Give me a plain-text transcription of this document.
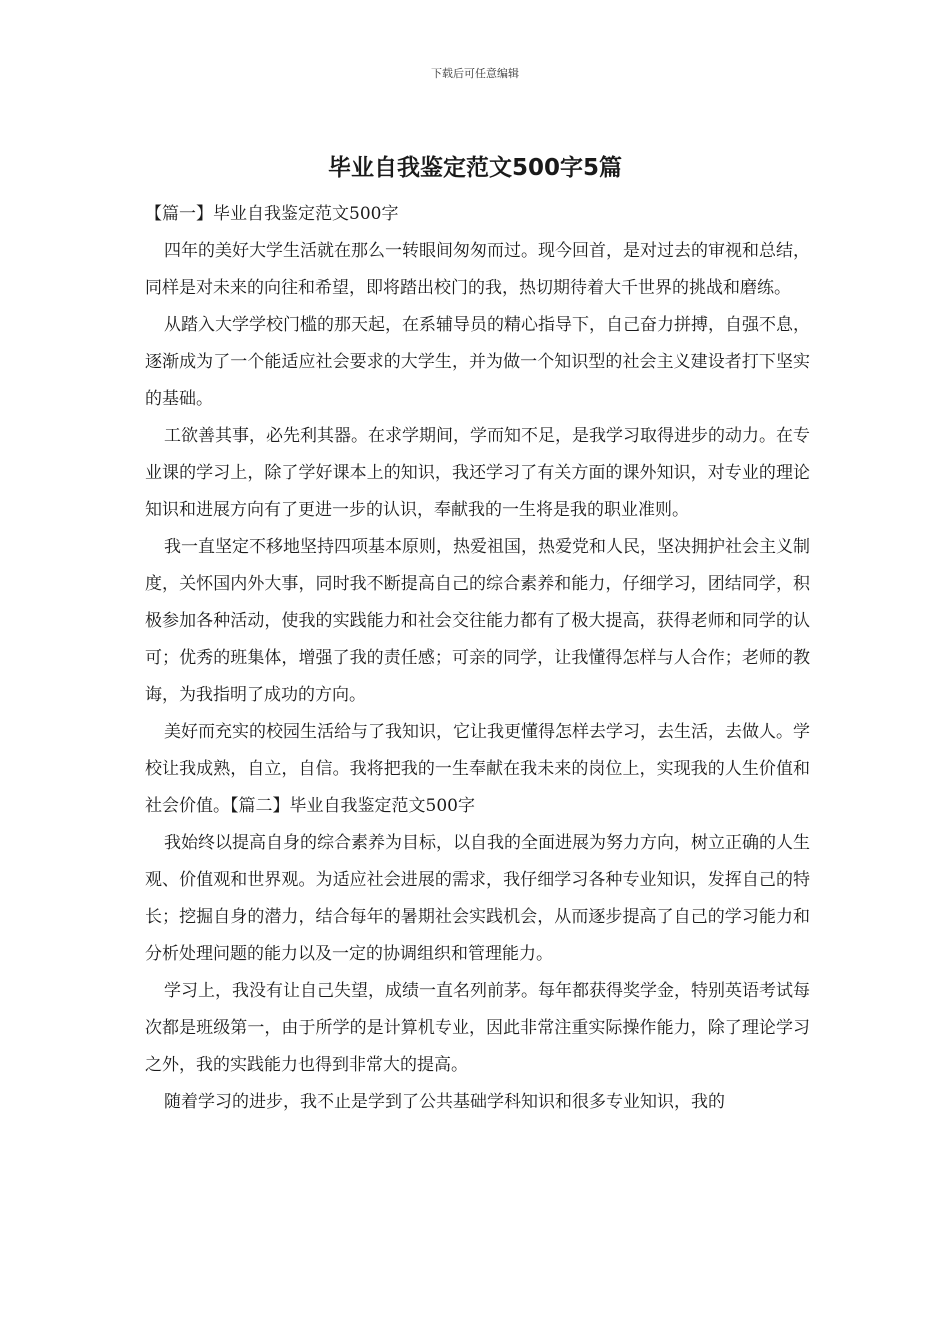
下载后可任意编辑
毕业自我鉴定范文500字5篇

【篇一】毕业自我鉴定范文500字

四年的美好大学生活就在那么一转眼间匆匆而过。现今回首，是对过去的审视和总结，同样是对未来的向往和希望，即将踏出校门的我，热切期待着大千世界的挑战和磨练。

从踏入大学学校门槛的那天起，在系辅导员的精心指导下，自己奋力拼搏，自强不息，逐渐成为了一个能适应社会要求的大学生，并为做一个知识型的社会主义建设者打下坚实的基础。

工欲善其事，必先利其器。在求学期间，学而知不足，是我学习取得进步的动力。在专业课的学习上，除了学好课本上的知识，我还学习了有关方面的课外知识，对专业的理论知识和进展方向有了更进一步的认识，奉献我的一生将是我的职业准则。

我一直坚定不移地坚持四项基本原则，热爱祖国，热爱党和人民，坚决拥护社会主义制度，关怀国内外大事，同时我不断提高自己的综合素养和能力，仔细学习，团结同学，积极参加各种活动，使我的实践能力和社会交往能力都有了极大提高，获得老师和同学的认可；优秀的班集体，增强了我的责任感；可亲的同学，让我懂得怎样与人合作；老师的教诲，为我指明了成功的方向。

美好而充实的校园生活给与了我知识，它让我更懂得怎样去学习，去生活，去做人。学校让我成熟，自立，自信。我将把我的一生奉献在我未来的岗位上，实现我的人生价值和社会价值。【篇二】毕业自我鉴定范文500字

我始终以提高自身的综合素养为目标，以自我的全面进展为努力方向，树立正确的人生观、价值观和世界观。为适应社会进展的需求，我仔细学习各种专业知识，发挥自己的特长；挖掘自身的潜力，结合每年的暑期社会实践机会，从而逐步提高了自己的学习能力和分析处理问题的能力以及一定的协调组织和管理能力。

学习上，我没有让自己失望，成绩一直名列前茅。每年都获得奖学金，特别英语考试每次都是班级第一，由于所学的是计算机专业，因此非常注重实际操作能力，除了理论学习之外，我的实践能力也得到非常大的提高。

随着学习的进步，我不止是学到了公共基础学科知识和很多专业知识，我的
